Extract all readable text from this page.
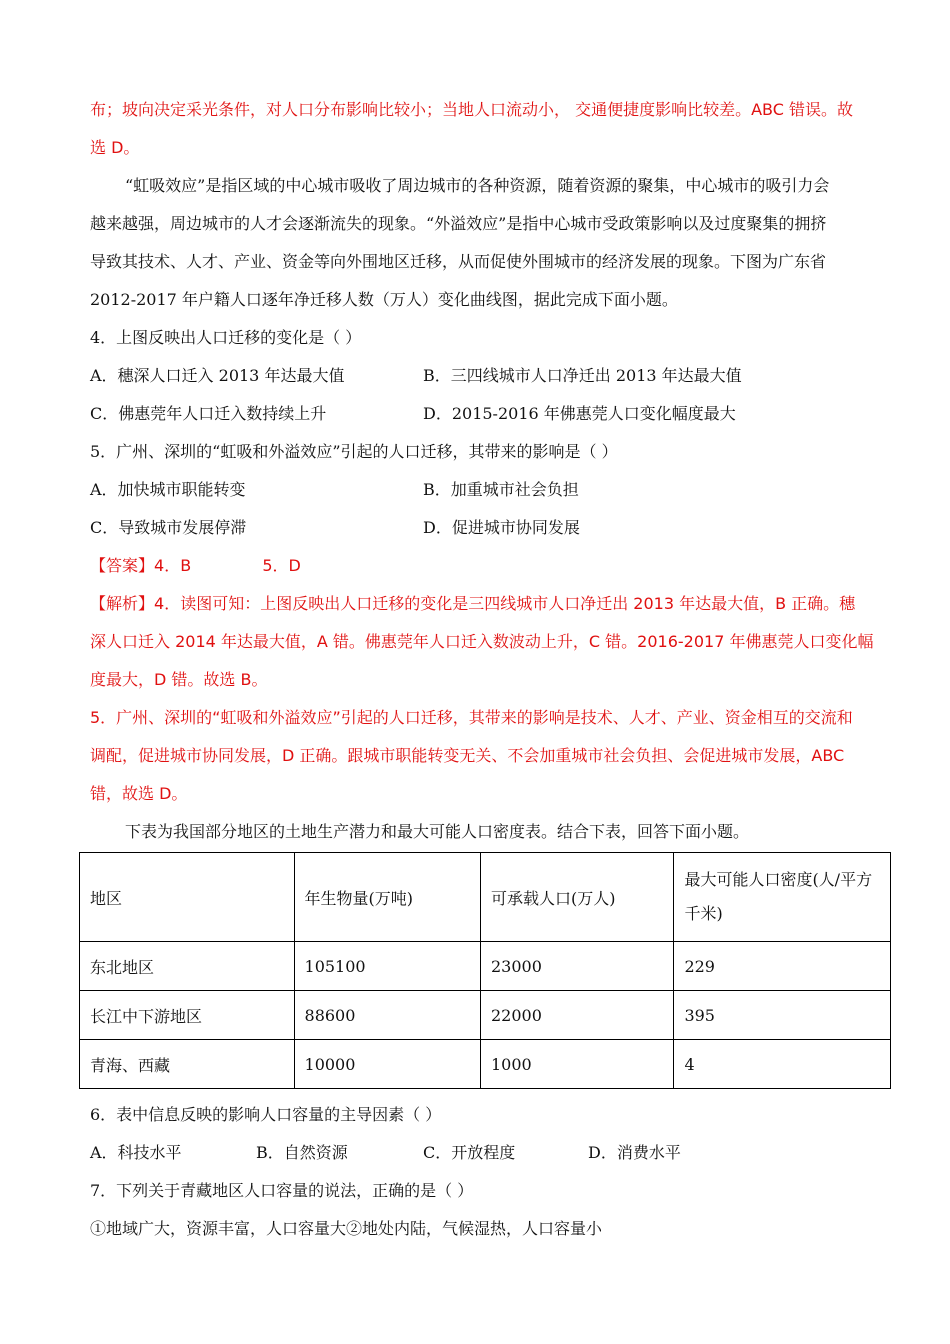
布；坡向决定采光条件，对人口分布影响比较小；当地人口流动小， 交通便捷度影响比较差。ABC 错误。故
选 D。
“虹吸效应”是指区域的中心城市吸收了周边城市的各种资源，随着资源的聚集，中心城市的吸引力会
越来越强，周边城市的人才会逐渐流失的现象。“外溢效应”是指中心城市受政策影响以及过度聚集的拥挤
导致其技术、人才、产业、资金等向外围地区迁移，从而促使外围城市的经济发展的现象。下图为广东省
2012-2017 年户籍人口逐年净迁移人数（万人）变化曲线图，据此完成下面小题。
4．上图反映出人口迁移的变化是（ ）
A．穗深人口迁入 2013 年达最大值	B．三四线城市人口净迁出 2013 年达最大值
C．佛惠莞年人口迁入数持续上升	D．2015-2016 年佛惠莞人口变化幅度最大
5．广州、深圳的“虹吸和外溢效应”引起的人口迁移，其带来的影响是（ ）
A．加快城市职能转变	B．加重城市社会负担
C．导致城市发展停滞	D．促进城市协同发展
【答案】4．B              5．D
【解析】4．读图可知：上图反映出人口迁移的变化是三四线城市人口净迁出 2013 年达最大值，B 正确。穗
深人口迁入 2014 年达最大值，A 错。佛惠莞年人口迁入数波动上升，C 错。2016-2017 年佛惠莞人口变化幅
度最大，D 错。故选 B。
5．广州、深圳的“虹吸和外溢效应”引起的人口迁移，其带来的影响是技术、人才、产业、资金相互的交流和
调配，促进城市协同发展，D 正确。跟城市职能转变无关、不会加重城市社会负担、会促进城市发展，ABC
错，故选 D。
下表为我国部分地区的土地生产潜力和最大可能人口密度表。结合下表，回答下面小题。
地区	年生物量(万吨)	可承载人口(万人)	最大可能人口密度(人/平方千米)
东北地区	105100	23000	229
长江中下游地区	88600	22000	395
青海、西藏	10000	1000	4
6．表中信息反映的影响人口容量的主导因素（ ）
A．科技水平	B．自然资源	C．开放程度	D．消费水平
7．下列关于青藏地区人口容量的说法，正确的是（ ）
①地域广大，资源丰富，人口容量大②地处内陆，气候湿热，人口容量小
